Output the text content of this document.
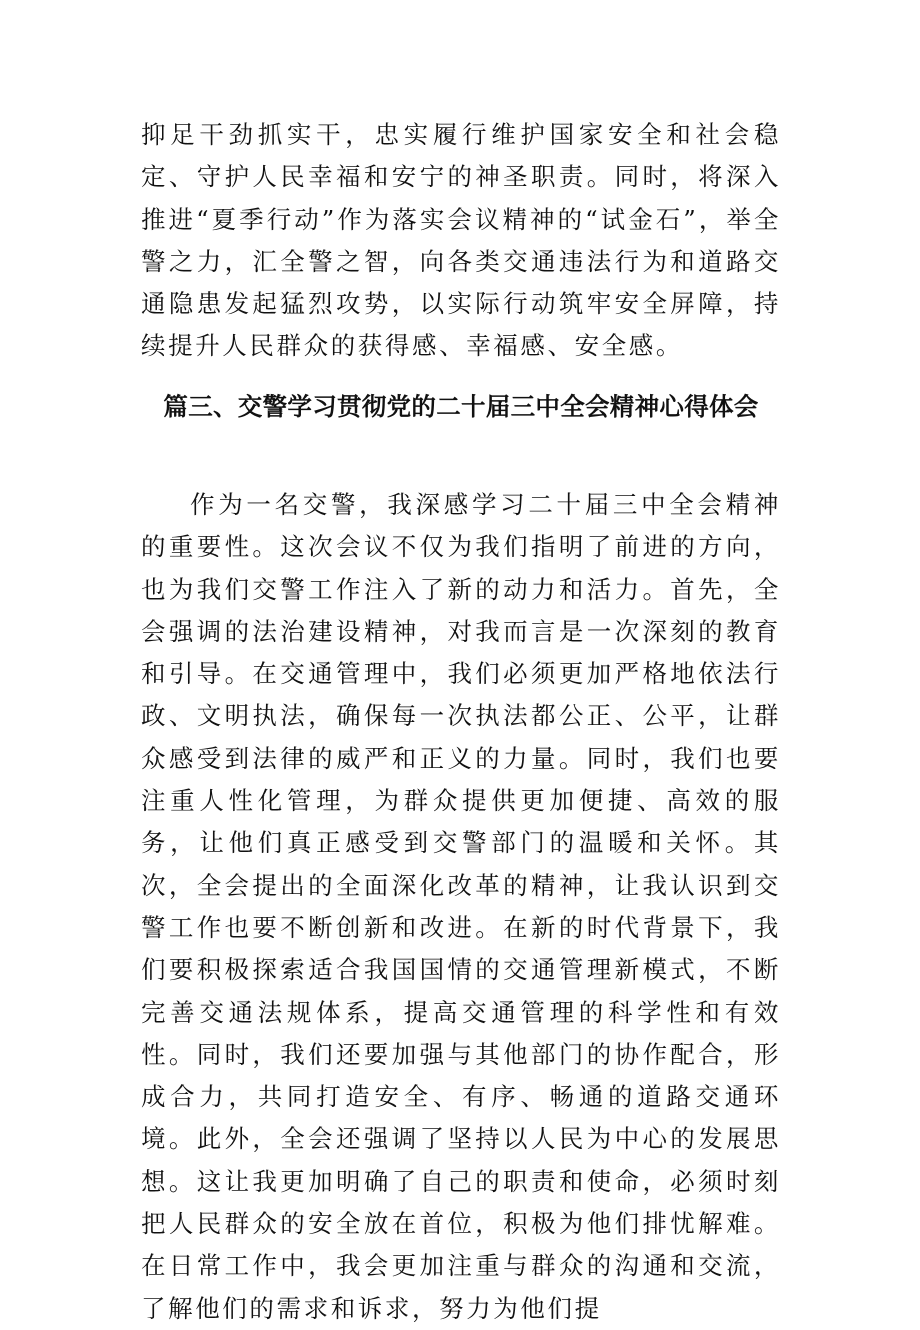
抑足干劲抓实干，忠实履行维护国家安全和社会稳定、守护人民幸福和安宁的神圣职责。同时，将深入推进“夏季行动”作为落实会议精神的“试金石”，举全警之力，汇全警之智，向各类交通违法行为和道路交通隐患发起猛烈攻势，以实际行动筑牢安全屏障，持续提升人民群众的获得感、幸福感、安全感。

篇三、交警学习贯彻党的二十届三中全会精神心得体会

作为一名交警，我深感学习二十届三中全会精神的重要性。这次会议不仅为我们指明了前进的方向，也为我们交警工作注入了新的动力和活力。首先，全会强调的法治建设精神，对我而言是一次深刻的教育和引导。在交通管理中，我们必须更加严格地依法行政、文明执法，确保每一次执法都公正、公平，让群众感受到法律的威严和正义的力量。同时，我们也要注重人性化管理，为群众提供更加便捷、高效的服务，让他们真正感受到交警部门的温暖和关怀。其次，全会提出的全面深化改革的精神，让我认识到交警工作也要不断创新和改进。在新的时代背景下，我们要积极探索适合我国国情的交通管理新模式，不断完善交通法规体系，提高交通管理的科学性和有效性。同时，我们还要加强与其他部门的协作配合，形成合力，共同打造安全、有序、畅通的道路交通环境。此外，全会还强调了坚持以人民为中心的发展思想。这让我更加明确了自己的职责和使命，必须时刻把人民群众的安全放在首位，积极为他们排忧解难。在日常工作中，我会更加注重与群众的沟通和交流，了解他们的需求和诉求，努力为他们提
